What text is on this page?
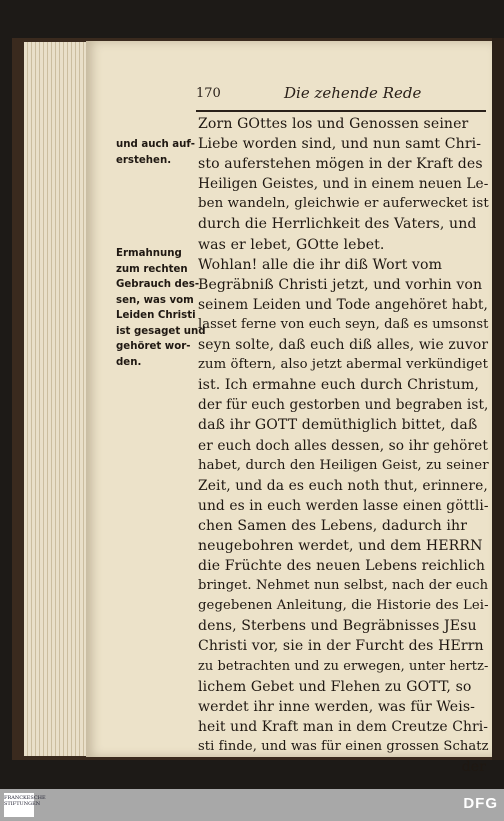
170	Die zehende Rede
und auch auf-
erstehen.
Ermahnung
zum rechten
Gebrauch des-
sen, was vom
Leiden Christi
ist gesaget und
gehöret wor-
den.
Zorn GOttes los und Genossen seiner
Liebe worden sind, und nun samt Chri-
sto auferstehen mögen in der Kraft des
Heiligen Geistes, und in einem neuen Le-
ben wandeln, gleichwie er auferwecket ist
durch die Herrlichkeit des Vaters, und
was er lebet, GOtte lebet.
Wohlan! alle die ihr diß Wort vom
Begräbniß Christi jetzt, und vorhin von
seinem Leiden und Tode angehöret habt,
lasset ferne von euch seyn, daß es umsonst
seyn solte, daß euch diß alles, wie zuvor
zum öftern, also jetzt abermal verkündiget
ist. Ich ermahne euch durch Christum,
der für euch gestorben und begraben ist,
daß ihr GOTT demüthiglich bittet, daß
er euch doch alles dessen, so ihr gehöret
habet, durch den Heiligen Geist, zu seiner
Zeit, und da es euch noth thut, erinnere,
und es in euch werden lasse einen göttli-
chen Samen des Lebens, dadurch ihr
neugebohren werdet, und dem HERRN
die Früchte des neuen Lebens reichlich
bringet. Nehmet nun selbst, nach der euch
gegebenen Anleitung, die Historie des Lei-
dens, Sterbens und Begräbnisses JEsu
Christi vor, sie in der Furcht des HErrn
zu betrachten und zu erwegen, unter hertz-
lichem Gebet und Flehen zu GOTT, so
werdet ihr inne werden, was für Weis-
heit und Kraft man in dem Creutze Chri-
sti finde, und was für einen grossen Schatz
der
FRANCKESCHE STIFTUNGEN	DFG
